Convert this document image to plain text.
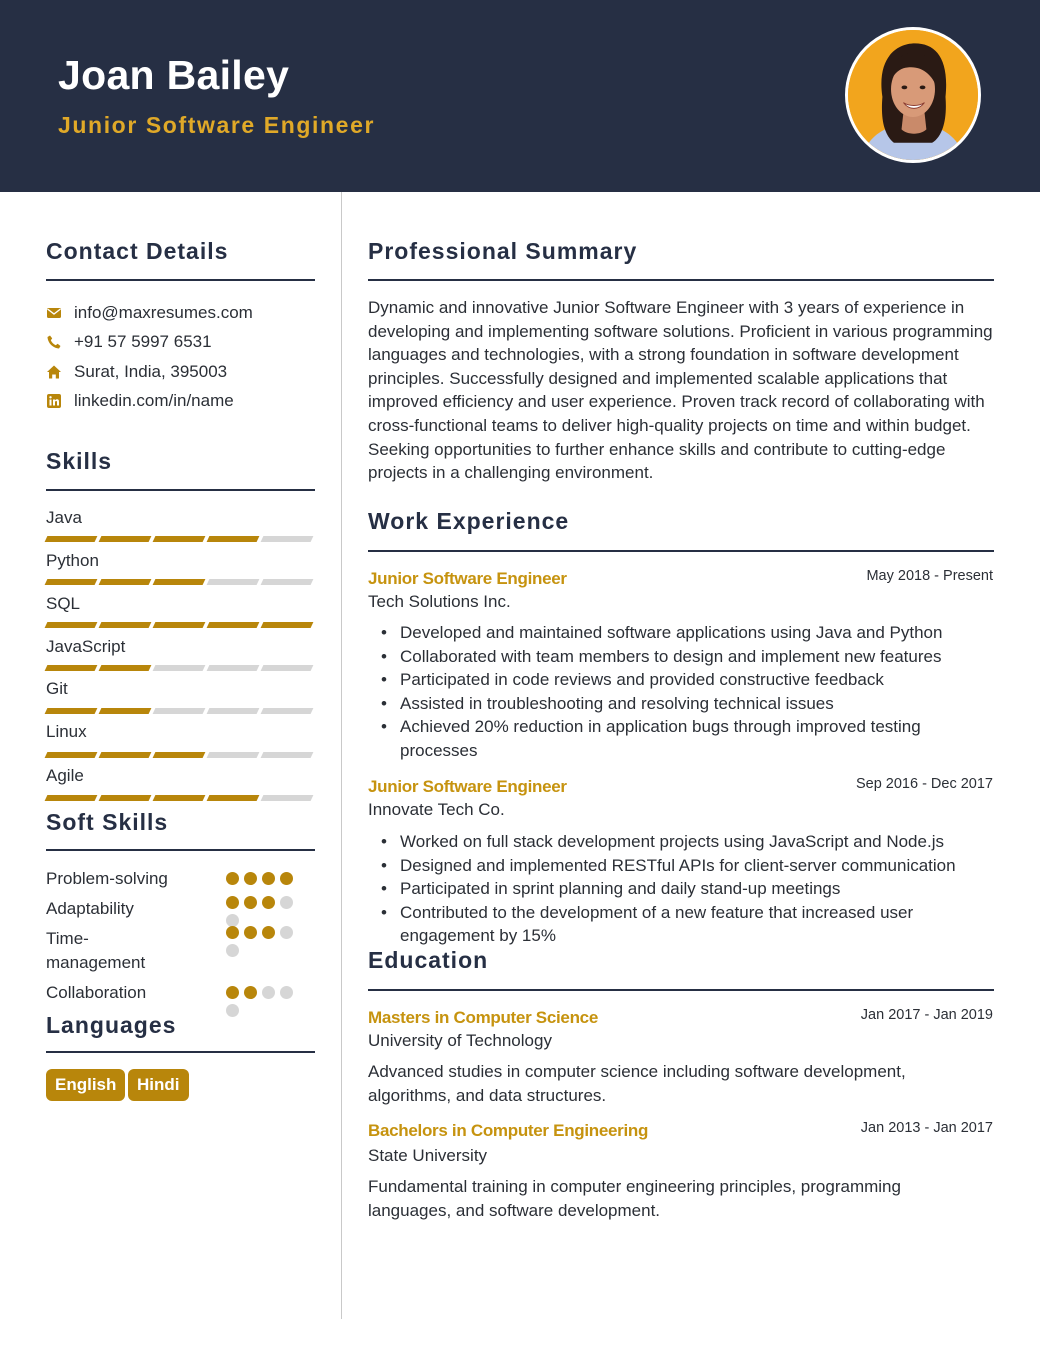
Joan Bailey
Junior Software Engineer
Contact Details
info@maxresumes.com
+91 57 5997 6531
Surat, India, 395003
linkedin.com/in/name
Skills
Java
Python
SQL
JavaScript
Git
Linux
Agile
Soft Skills
Problem-solving
Adaptability
Time-management
Collaboration
Languages
English	Hindi
Professional Summary
Dynamic and innovative Junior Software Engineer with 3 years of experience in developing and implementing software solutions. Proficient in various programming languages and technologies, with a strong foundation in software development principles. Successfully designed and implemented scalable applications that improved efficiency and user experience. Proven track record of collaborating with cross-functional teams to deliver high-quality projects on time and within budget. Seeking opportunities to further enhance skills and contribute to cutting-edge projects in a challenging environment.
Work Experience
Junior Software Engineer	May 2018 - Present
Tech Solutions Inc.
• Developed and maintained software applications using Java and Python
• Collaborated with team members to design and implement new features
• Participated in code reviews and provided constructive feedback
• Assisted in troubleshooting and resolving technical issues
• Achieved 20% reduction in application bugs through improved testing processes
Junior Software Engineer	Sep 2016 - Dec 2017
Innovate Tech Co.
• Worked on full stack development projects using JavaScript and Node.js
• Designed and implemented RESTful APIs for client-server communication
• Participated in sprint planning and daily stand-up meetings
• Contributed to the development of a new feature that increased user engagement by 15%
Education
Masters in Computer Science	Jan 2017 - Jan 2019
University of Technology
Advanced studies in computer science including software development, algorithms, and data structures.
Bachelors in Computer Engineering	Jan 2013 - Jan 2017
State University
Fundamental training in computer engineering principles, programming languages, and software development.
